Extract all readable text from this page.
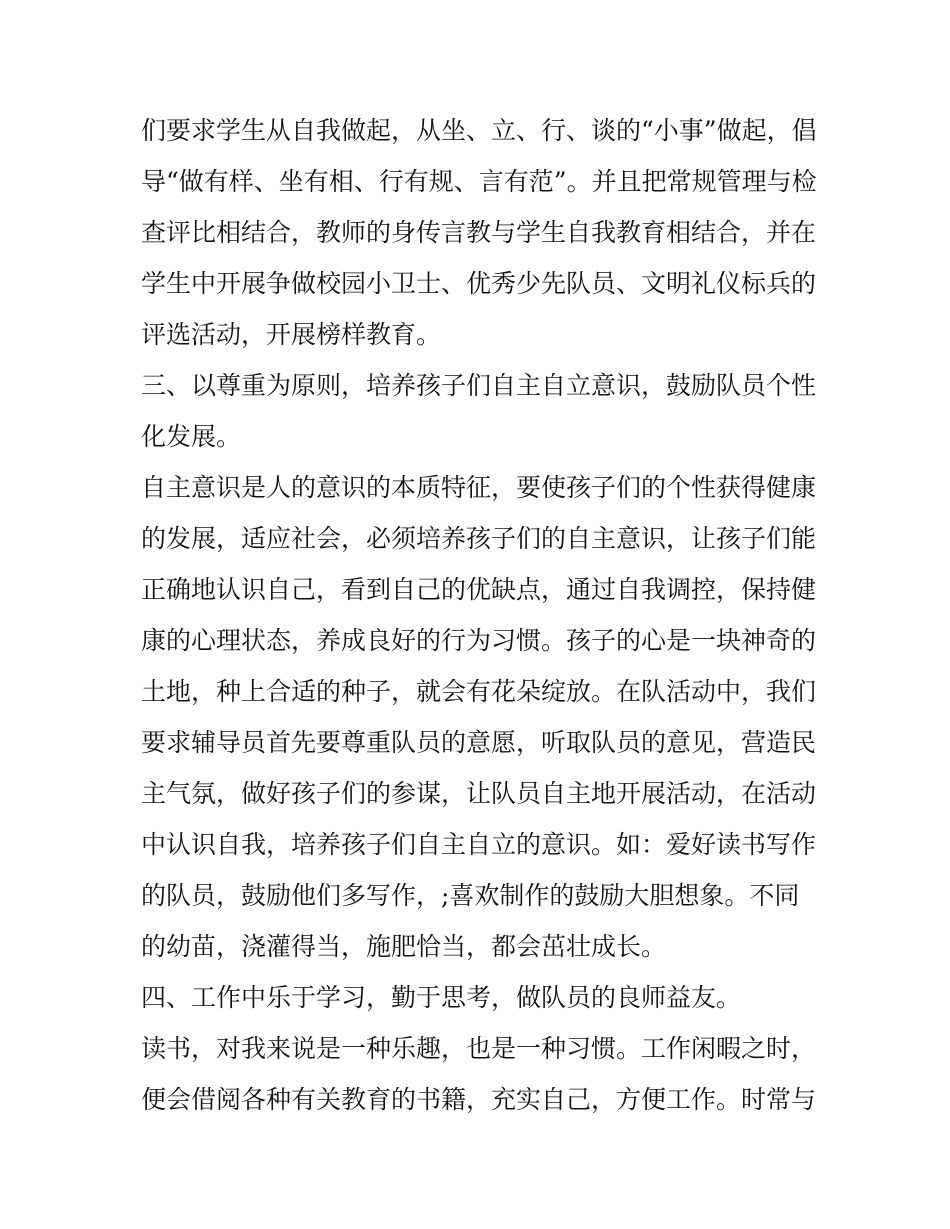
们要求学生从自我做起，从坐、立、行、谈的“小事”做起，倡
导“做有样、坐有相、行有规、言有范”。并且把常规管理与检
查评比相结合，教师的身传言教与学生自我教育相结合，并在
学生中开展争做校园小卫士、优秀少先队员、文明礼仪标兵的
评选活动，开展榜样教育。
三、以尊重为原则，培养孩子们自主自立意识，鼓励队员个性
化发展。
自主意识是人的意识的本质特征，要使孩子们的个性获得健康
的发展，适应社会，必须培养孩子们的自主意识，让孩子们能
正确地认识自己，看到自己的优缺点，通过自我调控，保持健
康的心理状态，养成良好的行为习惯。孩子的心是一块神奇的
土地，种上合适的种子，就会有花朵绽放。在队活动中，我们
要求辅导员首先要尊重队员的意愿，听取队员的意见，营造民
主气氛，做好孩子们的参谋，让队员自主地开展活动，在活动
中认识自我，培养孩子们自主自立的意识。如：爱好读书写作
的队员，鼓励他们多写作，;喜欢制作的鼓励大胆想象。不同
的幼苗，浇灌得当，施肥恰当，都会茁壮成长。
四、工作中乐于学习，勤于思考，做队员的良师益友。
读书，对我来说是一种乐趣，也是一种习惯。工作闲暇之时，
便会借阅各种有关教育的书籍，充实自己，方便工作。时常与
